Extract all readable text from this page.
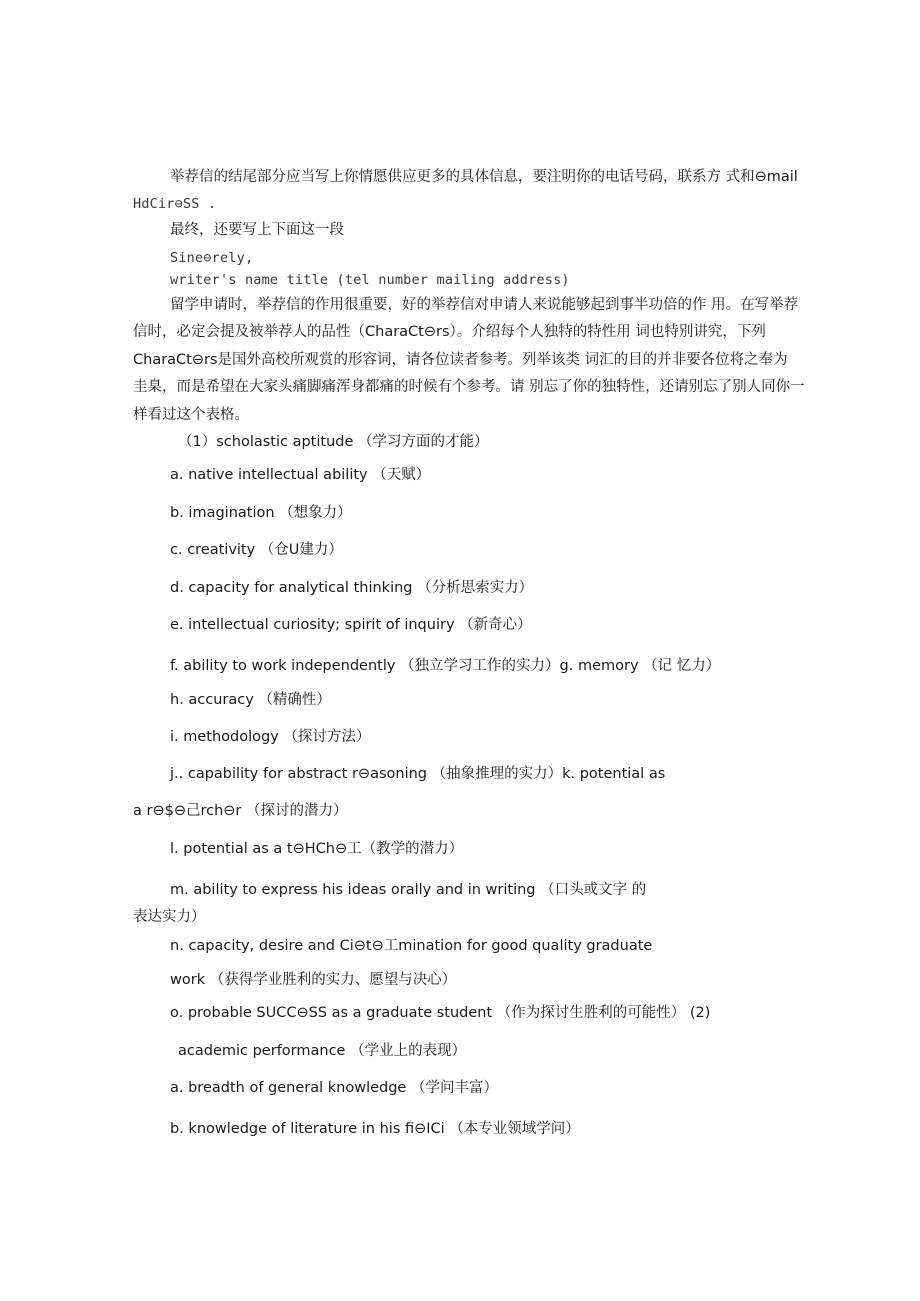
举荐信的结尾部分应当写上你情愿供应更多的具体信息，要注明你的电话号码，联系方 式和⊖mail
HdCir⊖SS .
最终，还要写上下面这一段
Sine⊖rely,
writer's name title (tel number mailing address)
留学申请时，举荐信的作用很重要，好的举荐信对申请人来说能够起到事半功倍的作 用。在写举荐
信时，必定会提及被举荐人的品性（CharaCt⊖rs）。介绍每个人独特的特性用 词也特别讲究，下列
CharaCt⊖rs是国外高校所观赏的形容词，请各位读者参考。列举该类 词汇的目的并非要各位将之奉为
圭臬，而是希望在大家头痛脚痛浑身都痛的时候有个参考。请 别忘了你的独特性，还请别忘了别人同你一
样看过这个表格。
（1）scholastic aptitude （学习方面的才能）
a. native intellectual ability （天赋）
b. imagination （想象力）
c. creativity （仓U建力）
d. capacity for analytical thinking （分析思索实力）
e. intellectual curiosity; spirit of inquiry （新奇心）
f. ability to work independently （独立学习工作的实力）g. memory （记 忆力）
h. accuracy （精确性）
i. methodology （探讨方法）
j.. capability for abstract r⊖asoning （抽象推理的实力）k. potential as
a r⊖$⊖己rch⊖r （探讨的潜力）
l. potential as a t⊖HCh⊖工（教学的潜力）
m. ability to express his ideas orally and in writing （口头或文字 的
表达实力）
n. capacity, desire and Ci⊖t⊖工mination for good quality graduate
work （获得学业胜利的实力、愿望与决心）
o. probable SUCC⊖SS as a graduate student （作为探讨生胜利的可能性） (2)
academic performance （学业上的表现）
a. breadth of general knowledge （学问丰富）
b. knowledge of literature in his fi⊖ICi （本专业领域学问）
